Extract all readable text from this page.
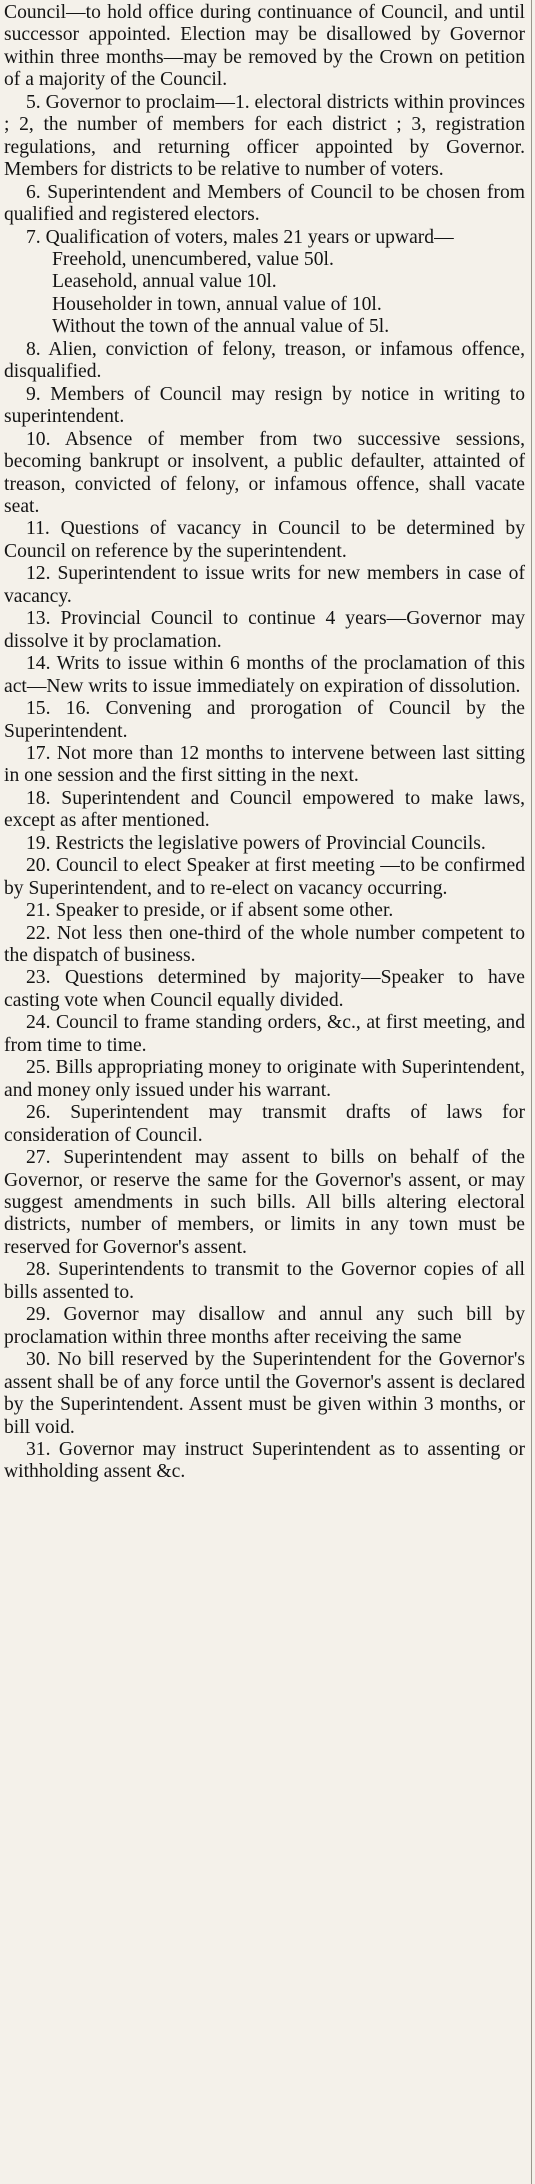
Council—to hold office during continuance of Council, and until successor appointed. Election may be disallowed by Governor within three months—may be removed by the Crown on petition of a majority of the Council.

5. Governor to proclaim—1. electoral districts within provinces ; 2, the number of members for each district ; 3, registration regulations, and returning officer appointed by Governor. Members for districts to be relative to number of voters.

6. Superintendent and Members of Council to be chosen from qualified and registered electors.

7. Qualification of voters, males 21 years or upward—

Freehold, unencumbered, value 50l.

Leasehold, annual value 10l.

Householder in town, annual value of 10l.

Without the town of the annual value of 5l.

8. Alien, conviction of felony, treason, or infamous offence, disqualified.

9. Members of Council may resign by notice in writing to superintendent.

10. Absence of member from two successive sessions, becoming bankrupt or insolvent, a public defaulter, attainted of treason, convicted of felony, or infamous offence, shall vacate seat.

11. Questions of vacancy in Council to be determined by Council on reference by the superintendent.

12. Superintendent to issue writs for new members in case of vacancy.

13. Provincial Council to continue 4 years—Governor may dissolve it by proclamation.

14. Writs to issue within 6 months of the proclamation of this act—New writs to issue immediately on expiration of dissolution.

15. 16. Convening and prorogation of Council by the Superintendent.

17. Not more than 12 months to intervene between last sitting in one session and the first sitting in the next.

18. Superintendent and Council empowered to make laws, except as after mentioned.

19. Restricts the legislative powers of Provincial Councils.

20. Council to elect Speaker at first meeting —to be confirmed by Superintendent, and to re-elect on vacancy occurring.

21. Speaker to preside, or if absent some other.

22. Not less then one-third of the whole number competent to the dispatch of business.

23. Questions determined by majority—Speaker to have casting vote when Council equally divided.

24. Council to frame standing orders, &c., at first meeting, and from time to time.

25. Bills appropriating money to originate with Superintendent, and money only issued under his warrant.

26. Superintendent may transmit drafts of laws for consideration of Council.

27. Superintendent may assent to bills on behalf of the Governor, or reserve the same for the Governor's assent, or may suggest amendments in such bills. All bills altering electoral districts, number of members, or limits in any town must be reserved for Governor's assent.

28. Superintendents to transmit to the Governor copies of all bills assented to.

29. Governor may disallow and annul any such bill by proclamation within three months after receiving the same

30. No bill reserved by the Superintendent for the Governor's assent shall be of any force until the Governor's assent is declared by the Superintendent. Assent must be given within 3 months, or bill void.

31. Governor may instruct Superintendent as to assenting or withholding assent &c.
